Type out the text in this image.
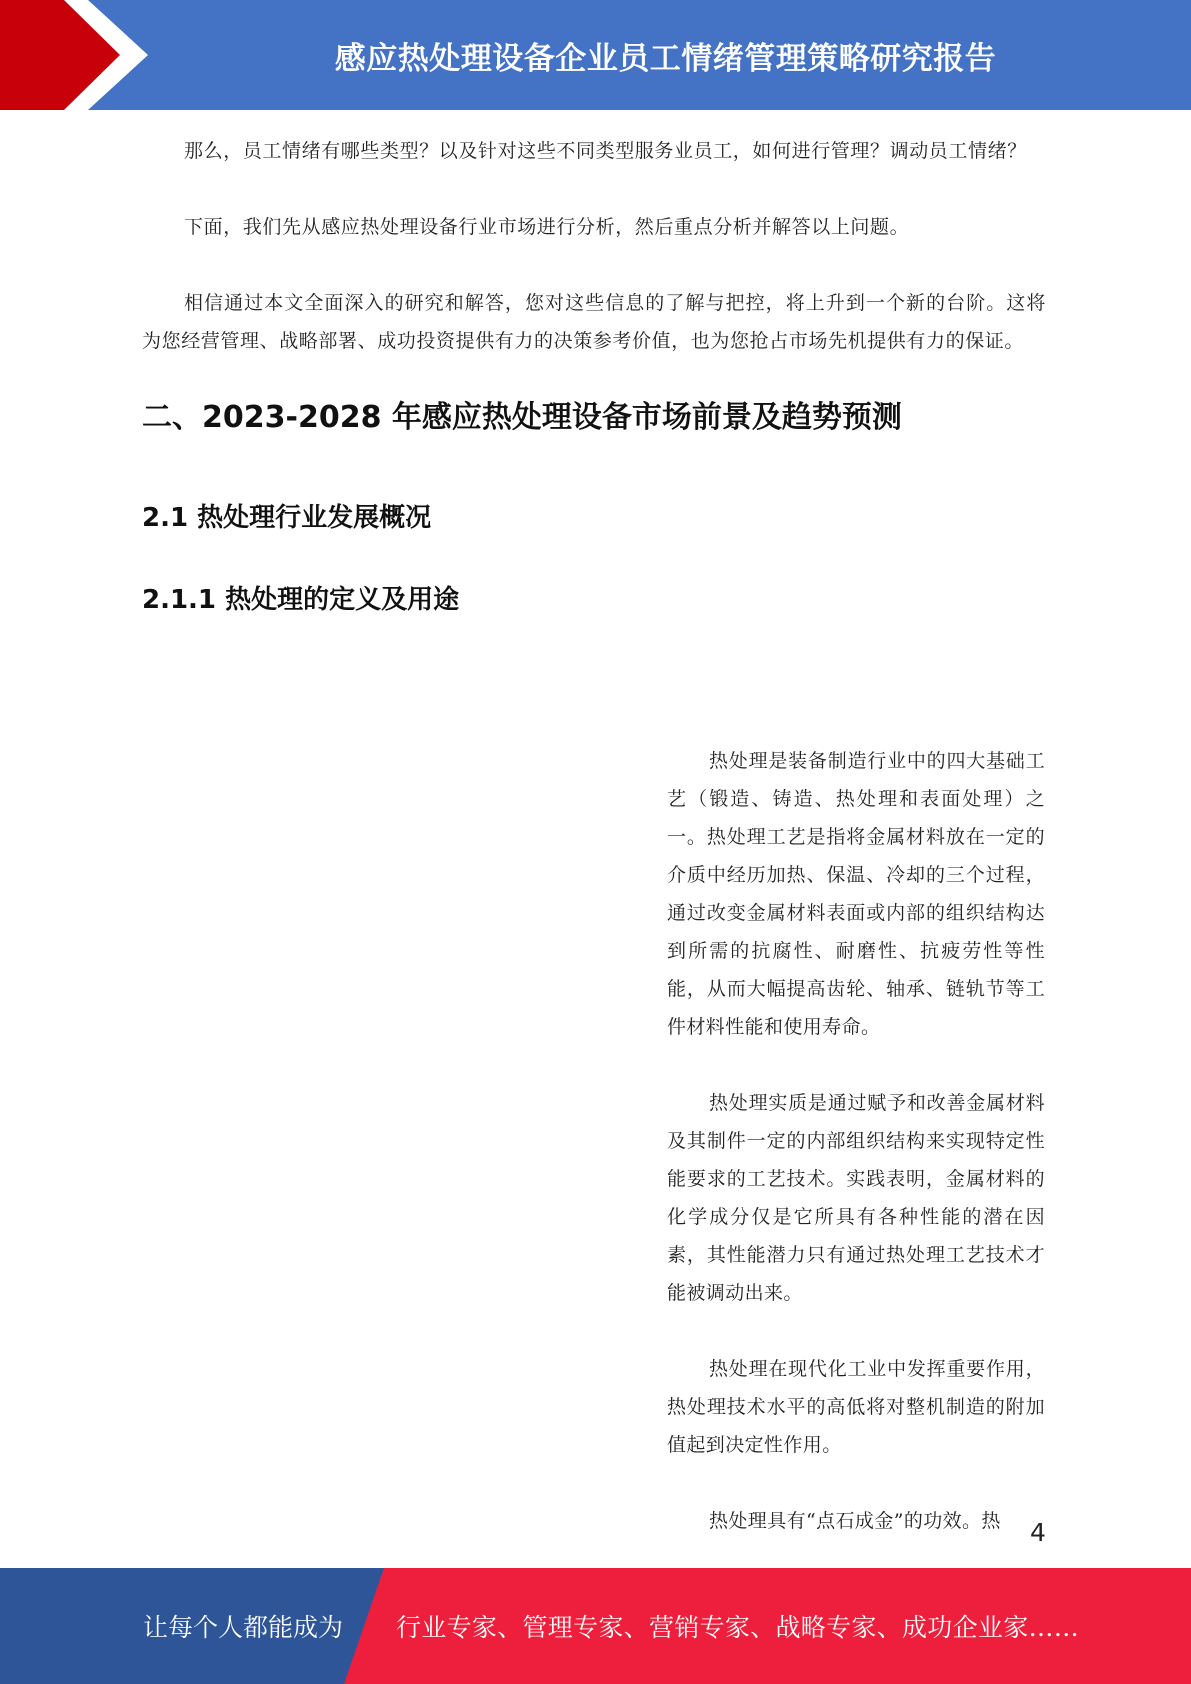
感应热处理设备企业员工情绪管理策略研究报告

那么，员工情绪有哪些类型？以及针对这些不同类型服务业员工，如何进行管理？调动员工情绪？

下面，我们先从感应热处理设备行业市场进行分析，然后重点分析并解答以上问题。

相信通过本文全面深入的研究和解答，您对这些信息的了解与把控，将上升到一个新的台阶。这将为您经营管理、战略部署、成功投资提供有力的决策参考价值，也为您抢占市场先机提供有力的保证。

二、2023-2028 年感应热处理设备市场前景及趋势预测
2.1 热处理行业发展概况
2.1.1 热处理的定义及用途

热处理是装备制造行业中的四大基础工艺（锻造、铸造、热处理和表面处理）之一。热处理工艺是指将金属材料放在一定的介质中经历加热、保温、冷却的三个过程，通过改变金属材料表面或内部的组织结构达到所需的抗腐性、耐磨性、抗疲劳性等性能，从而大幅提高齿轮、轴承、链轨节等工件材料性能和使用寿命。

热处理实质是通过赋予和改善金属材料及其制件一定的内部组织结构来实现特定性能要求的工艺技术。实践表明，金属材料的化学成分仅是它所具有各种性能的潜在因素，其性能潜力只有通过热处理工艺技术才能被调动出来。

热处理在现代化工业中发挥重要作用，热处理技术水平的高低将对整机制造的附加值起到决定性作用。

热处理具有“点石成金”的功效。热	4
让每个人都能成为 行业专家、管理专家、营销专家、战略专家、成功企业家……
